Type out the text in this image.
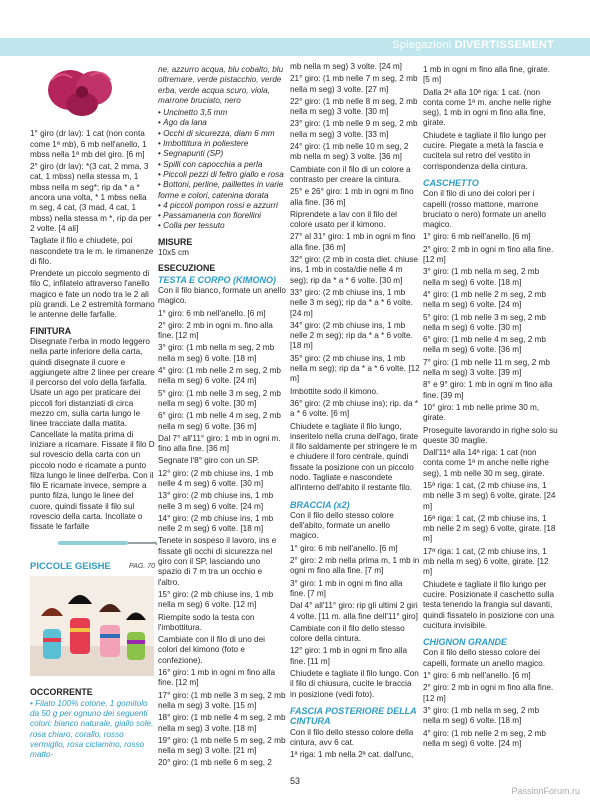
Spiegazioni DIVERTISSEMENT

1° giro (dr lav): 1 cat (non conta come 1ª mb), 6 mb nell'anello, 1 mbss nella 1ª mb del giro. [6 m]

2° giro (dr lav): *(3 cat, 2 mma, 3 cat, 1 mbss) nella stessa m, 1 mbss nella m seg*; rip da * a * ancora una volta, * 1 mbss nella m seg, 4 cat, (3 mad, 4 cat, 1 mbss) nella stessa m *, rip da per 2 volte. [4 ali]

Tagliate il filo e chiudete, poi nascondete tra le m. le rimanenze di filo.

Prendete un piccolo segmento di filo C, infilatelo attraverso l'anello magico e fate un nodo tra le 2 ali più grandi. Le 2 estremità formano le antenne delle farfalle.

FINITURA

Disegnate l'erba in modo leggero nella parte inferiore della carta, quindi disegnate il cuore e aggiungete altre 2 linee per creare il percorso del volo della farfalla. Usate un ago per praticare dei piccoli fori distanziati di circa mezzo cm, sulla carta lungo le linee tracciate dalla matita. Cancellate la matita prima di iniziare a ricamare. Fissate il filo D sul rovescio della carta con un piccolo nodo e ricamate a punto filza lungo le linee dell'erba. Con il filo E ricamate invece, sempre a punto filza, lungo le linee del cuore, quindi fissate il filo sul rovescio della carta. Incollate o fissate le farfalle

PICCOLE GEISHE	PAG. 70
OCCORRENTE

• Filato 100% cotone, 1 gomitolo da 50 g per ognuno dei seguenti colori: bianco naturale, giallo sole, rosa chiaro, corallo, rosso vermiglio, rosa ciclamino, rosso matto-

ne, azzurro acqua, blu cobalto, blu oltremare, verde pistacchio, verde erba, verde acqua scuro, viola, marrone bruciato, nero

• Uncinetto 3,5 mm

• Ago da lana

• Occhi di sicurezza, diam 6 mm

• Imbottitura in poliestere

• Segnapunti (SP)

• Spilli con capocchia a perla

• Piccoli pezzi di feltro giallo e rosa

• Bottoni, perline, paillettes in varie forme e colori, catenina dorata

• 4 piccoli pompon rossi e azzurri

• Passamaneria con fiorellini

• Colla per tessuto

MISURE

10x5 cm

ESECUZIONE
TESTA E CORPO (KIMONO)

Con il filo bianco, formate un anello magico.

1° giro: 6 mb nell'anello. [6 m]

2° giro: 2 mb in ogni m. fino alla fine. [12 m]

3° giro: (1 mb nella m seg, 2 mb nella m seg) 6 volte. [18 m]

4° giro: (1 mb nelle 2 m seg, 2 mb nella m seg) 6 volte. [24 m]

5° giro: (1 mb nelle 3 m seg, 2 mb nella m seg) 6 volte. [30 m]

6° giro: (1 mb nelle 4 m seg, 2 mb nella m seg) 6 volte. [36 m]

Dal 7° all'11° giro: 1 mb in ogni m. fino alla fine. [36 m]

Segnate l'8° giro con un SP.

12° giro: (2 mb chiuse ins, 1 mb nelle 4 m seg) 6 volte. [30 m]

13° giro: (2 mb chiuse ins, 1 mb nelle 3 m seg) 6 volte. [24 m]

14° giro: (2 mb chiuse ins, 1 mb nelle 2 m seg) 6 volte. [18 m]

Tenete in sospeso il lavoro, ins e fissate gli occhi di sicurezza nel giro con il SP, lasciando uno spazio di 7 m tra un occhio e l'altro.

15° giro: (2 mb chiuse ins, 1 mb nella m seg) 6 volte. [12 m]

Riempite sodo la testa con l'imbottitura.

Cambiate con il filo di uno dei colori del kimono (foto e confezione).

16° giro: 1 mb in ogni m fino alla fine. [12 m]

17° giro: (1 mb nelle 3 m seg, 2 mb nella m seg) 3 volte. [15 m]

18° giro: (1 mb nelle 4 m seg, 2 mb nella m seg) 3 volte. [18 m]

19° giro: (1 mb nelle 5 m seg, 2 mb nella m seg) 3 volte. [21 m]

20° giro: (1 mb nelle 6 m seg, 2

mb nella m seg) 3 volte. [24 m]

21° giro: (1 mb nelle 7 m seg, 2 mb nella m seg) 3 volte. [27 m]

22° giro: (1 mb nelle 8 m seg, 2 mb nella m seg) 3 volte. [30 m]

23° giro: (1 mb nelle 9 m seg, 2 mb nella m seg) 3 volte. [33 m]

24° giro: (1 mb nelle 10 m seg, 2 mb nella m seg) 3 volte. [36 m]

Cambiate con il filo di un colore a contrasto per creare la cintura.

25° e 26° giro: 1 mb in ogni m fino alla fine. [36 m]

Riprendete a lav con il filo del colore usato per il kimono.

27° al 31° giro: 1 mb in ogni m fino alla fine. [36 m]

32° giro: (2 mb in costa diet. chiuse ins, 1 mb in costa/die nelle 4 m seg); rip da * a * 6 volte. [30 m]

33° giro: (2 mb chiuse ins, 1 mb nelle 3 m seg); rip da * a * 6 volte. [24 m]

34° giro: (2 mb chiuse ins, 1 mb nelle 2 m seg); rip da * a * 6 volte. [18 m]

35° giro: (2 mb chiuse ins, 1 mb nella m seg); rip da * a * 6 volte. [12 m]

Imbottite sodo il kimono.

36° giro: (2 mb chiuse ins); rip. da * a * 6 volte. [6 m]

Chiudete e tagliate il filo lungo, inseritelo nella cruna dell'ago, tirate il filo saldamente per stringere le m e chiudere il foro centrale, quindi fissate la posizione con un piccolo nodo. Tagliate e nascondete all'interno dell'abito il restante filo.

BRACCIA (x2)

Con il filo dello stesso colore dell'abito, formate un anello magico.

1° giro: 6 mb nell'anello. [6 m]

2° giro: 2 mb nella prima m, 1 mb in ogni m fino alla fine. [7 m]

3° giro: 1 mb in ogni m fino alla fine. [7 m]

Dal 4° all'11° giro: rip gli ultimi 2 giri 4 volte. [11 m. alla fine dell'11° giro]

Cambiate con il filo dello stesso colore della cintura.

12° giro: 1 mb in ogni m fino alla fine. [11 m]

Chiudete e tagliate il filo lungo. Con il filo di chiusura, cucite le braccia in posizione (vedi foto).

FASCIA POSTERIORE DELLA CINTURA

Con il filo dello stesso colore della cintura, avv 6 cat.

1ª riga: 1 mb nella 2ª cat. dall'unc,

1 mb in ogni m fino alla fine, girate. [5 m]

Dalla 2ª alla 10ª riga: 1 cat. (non conta come 1ª m. anche nelle righe seg), 1 mb in ogni m fino alla fine, girate.

Chiudete e tagliate il filo lungo per cucire. Piegate a metà la fascia e cucitela sul retro del vestito in corrispondenza della cintura.

CASCHETTO

Con il filo di uno dei colori per i capelli (rosso mattone, marrone bruciato o nero) formate un anello magico.

1° giro: 6 mb nell'anello. [6 m]

2° giro: 2 mb in ogni m fino alla fine. [12 m]

3° giro: (1 mb nella m seg, 2 mb nella m seg) 6 volte. [18 m]

4° giro: (1 mb nelle 2 m seg, 2 mb nella m seg) 6 volte. [24 m]

5° giro: (1 mb nelle 3 m seg, 2 mb nella m seg) 6 volte. [30 m]

6° giro: (1 mb nelle 4 m seg, 2 mb nella m seg) 6 volte. [36 m]

7° giro: (1 mb nelle 11 m seg, 2 mb nella m seg) 3 volte. [39 m]

8° e 9° giro: 1 mb in ogni m fino alla fine. [39 m]

10° giro: 1 mb nelle prime 30 m, girate.

Proseguite lavorando in righe solo su queste 30 maglie.

Dall'11ª alla 14ª riga: 1 cat (non conta come 1ª m anche nelle righe seg), 1 mb nelle 30 m seg, girate.

15ª riga: 1 cat, (2 mb chiuse ins, 1 mb nelle 3 m seg) 6 volte, girate. [24 m]

16ª riga: 1 cat, (2 mb chiuse ins, 1 mb nelle 2 m seg) 6 volte, girate. [18 m]

17ª riga: 1 cat, (2 mb chiuse ins, 1 mb nella m seg) 6 volte, girate. [12 m]

Chiudete e tagliate il filo lungo per cucire. Posizionate il caschetto sulla testa tenendo la frangia sul davanti, quindi fissatelo in posizione con una cucitura invisibile.

CHIGNON GRANDE

Con il filo dello stesso colore dei capelli, formate un anello magico.

1° giro: 6 mb nell'anello. [6 m]

2° giro: 2 mb in ogni m fino alla fine. [12 m]

3° giro: (1 mb nella m seg, 2 mb nella m seg) 6 volte. [18 m]

4° giro: (1 mb nelle 2 m seg, 2 mb nella m seg) 6 volte. [24 m]

53
PassionForum.ru
